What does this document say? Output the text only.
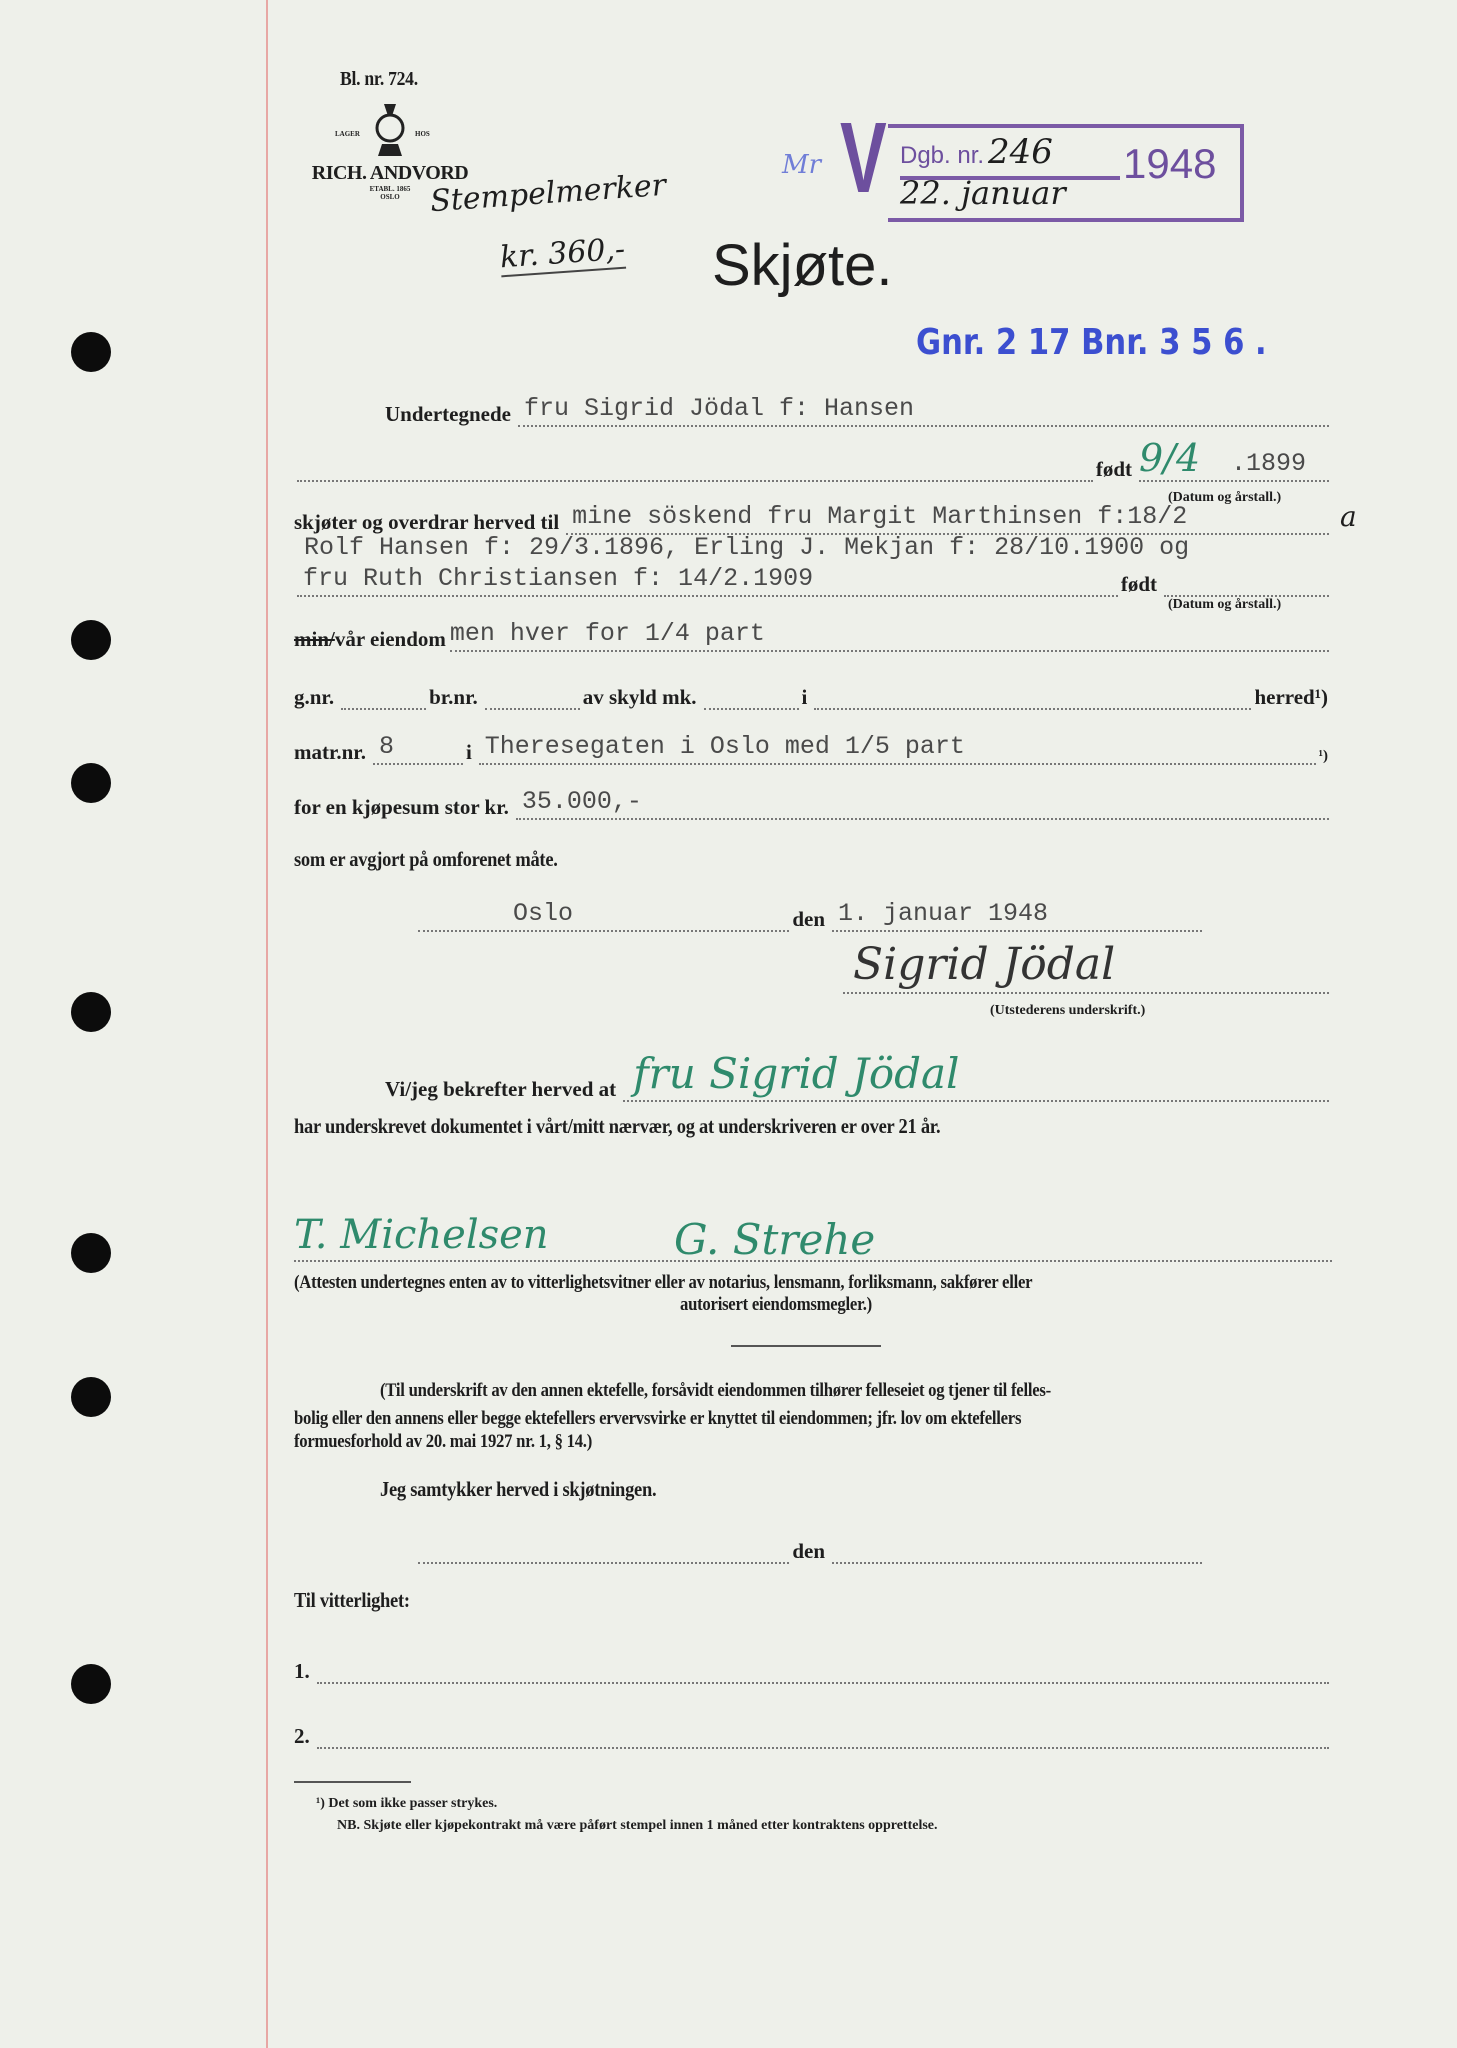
Bl. nr. 724.
LAGER	HOS
RICH. ANDVORD
ETABL. 1865
OSLO Stempelmerker
kr. 360,-
Mr V Dgb. nr. 246
22. januar
1948
Skjøte.
Gnr. 2 17 Bnr. 3 5 6 .
Undertegnede fru Sigrid Jödal f: Hansen
født 9/4 .1899
(Datum og årstall.)
skjøter og overdrar herved til mine söskend fru Margit Marthinsen f:18/2	a
Rolf Hansen f: 29/3.1896, Erling J. Mekjan f: 28/10.1900 og
fru Ruth Christiansen f: 14/2.1909	født
(Datum og årstall.)
min/vår eiendom men hver for 1/4 part
g.nr.	br.nr.	av skyld mk.	i	herred¹)
matr.nr. 8	i Theresegaten i Oslo med 1/5 part	¹)
for en kjøpesum stor kr. 35.000,-
som er avgjort på omforenet måte.
Oslo	den 1. januar 1948
Sigrid Jödal
(Utstederens underskrift.)
Vi/jeg bekrefter herved at fru Sigrid Jödal
har underskrevet dokumentet i vårt/mitt nærvær, og at underskriveren er over 21 år.
T. Michelsen	G. Strehe
(Attesten undertegnes enten av to vitterlighetsvitner eller av notarius, lensmann, forliksmann, sakfører eller
autorisert eiendomsmegler.)
(Til underskrift av den annen ektefelle, forsåvidt eiendommen tilhører felleseiet og tjener til felles-
bolig eller den annens eller begge ektefellers ervervsvirke er knyttet til eiendommen; jfr. lov om ektefellers
formuesforhold av 20. mai 1927 nr. 1, § 14.)
Jeg samtykker herved i skjøtningen.
den
Til vitterlighet:
1.
2.
¹) Det som ikke passer strykes.
NB. Skjøte eller kjøpekontrakt må være påført stempel innen 1 måned etter kontraktens opprettelse.
